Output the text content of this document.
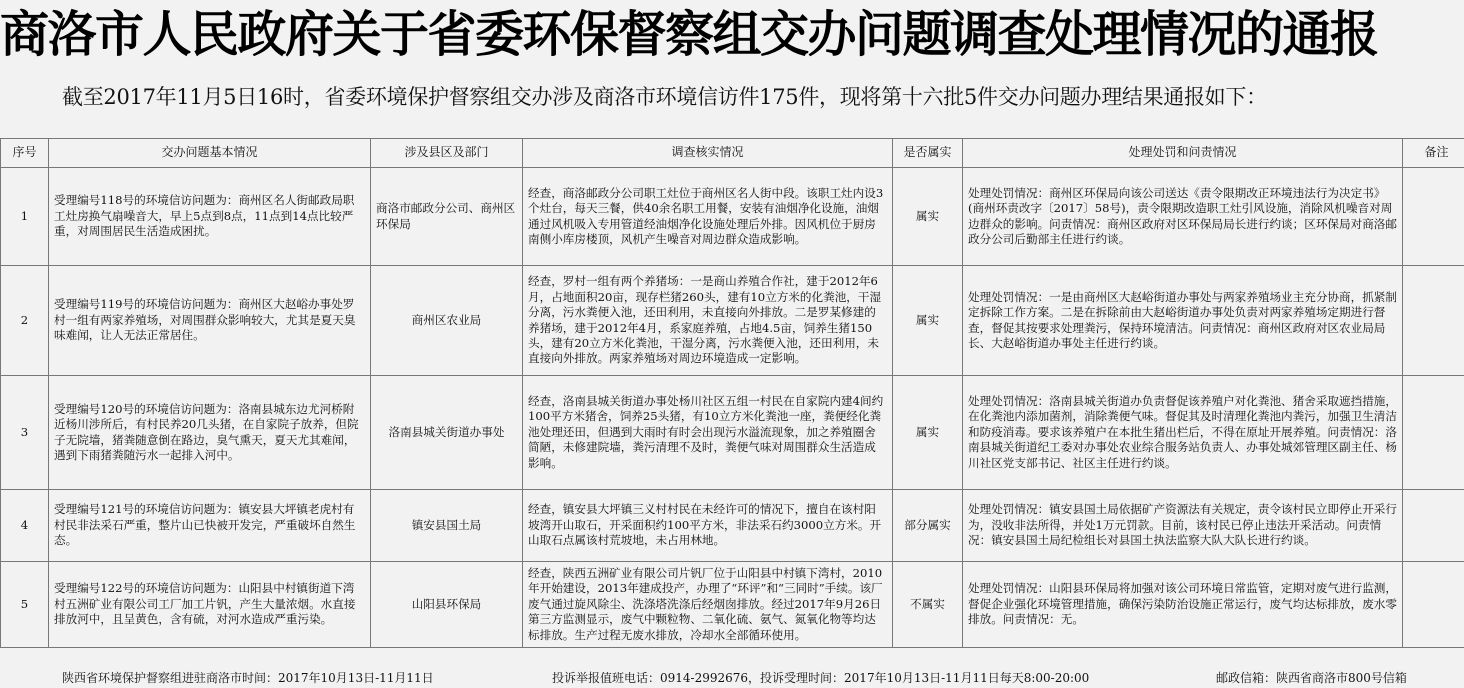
商洛市人民政府关于省委环保督察组交办问题调查处理情况的通报

截至2017年11月5日16时，省委环境保护督察组交办涉及商洛市环境信访件175件，现将第十六批5件交办问题办理结果通报如下：

序号	交办问题基本情况	涉及县区及部门	调查核实情况	是否属实	处理处罚和问责情况	备注
1	受理编号118号的环境信访问题为：商州区名人街邮政局职工灶房换气扇噪音大，早上5点到8点，11点到14点比较严重，对周围居民生活造成困扰。	商洛市邮政分公司、商州区环保局	经查，商洛邮政分公司职工灶位于商州区名人街中段。该职工灶内设3个灶台，每天三餐，供40余名职工用餐，安装有油烟净化设施，油烟通过风机吸入专用管道经油烟净化设施处理后外排。因风机位于厨房南侧小库房楼顶，风机产生噪音对周边群众造成影响。	属实	处理处罚情况：商州区环保局向该公司送达《责令限期改正环境违法行为决定书》(商州环责改字〔2017〕58号)，责令限期改造职工灶引风设施，消除风机噪音对周边群众的影响。问责情况：商州区政府对区环保局局长进行约谈；区环保局对商洛邮政分公司后勤部主任进行约谈。	
2	受理编号119号的环境信访问题为：商州区大赵峪办事处罗村一组有两家养殖场，对周围群众影响较大，尤其是夏天臭味难闻，让人无法正常居住。	商州区农业局	经查，罗村一组有两个养猪场：一是商山养殖合作社，建于2012年6月，占地面积20亩，现存栏猪260头，建有10立方米的化粪池，干湿分离，污水粪便入池，还田利用，未直接向外排放。二是罗某修建的养猪场，建于2012年4月，系家庭养殖，占地4.5亩，饲养生猪150头，建有20立方米化粪池，干湿分离，污水粪便入池，还田利用，未直接向外排放。两家养殖场对周边环境造成一定影响。	属实	处理处罚情况：一是由商州区大赵峪街道办事处与两家养殖场业主充分协商，抓紧制定拆除工作方案。二是在拆除前由大赵峪街道办事处负责对两家养殖场定期进行督查，督促其按要求处理粪污，保持环境清洁。问责情况：商州区政府对区农业局局长、大赵峪街道办事处主任进行约谈。	
3	受理编号120号的环境信访问题为：洛南县城东边尤河桥附近杨川涉所后，有村民养20几头猪，在自家院子放养，但院子无院墙，猪粪随意倒在路边，臭气熏天，夏天尤其难闻，遇到下雨猪粪随污水一起排入河中。	洛南县城关街道办事处	经查，洛南县城关街道办事处杨川社区五组一村民在自家院内建4间约100平方米猪舍，饲养25头猪，有10立方米化粪池一座，粪便经化粪池处理还田，但遇到大雨时有时会出现污水溢流现象，加之养殖圈舍简陋，未修建院墙，粪污清理不及时，粪便气味对周围群众生活造成影响。	属实	处理处罚情况：洛南县城关街道办负责督促该养殖户对化粪池、猪舍采取遮挡措施，在化粪池内添加菌剂，消除粪便气味。督促其及时清理化粪池内粪污，加强卫生清洁和防疫消毒。要求该养殖户在本批生猪出栏后，不得在原址开展养殖。问责情况：洛南县城关街道纪工委对办事处农业综合服务站负责人、办事处城郊管理区副主任、杨川社区党支部书记、社区主任进行约谈。	
4	受理编号121号的环境信访问题为：镇安县大坪镇老虎村有村民非法采石严重，整片山已快被开发完，严重破坏自然生态。	镇安县国土局	经查，镇安县大坪镇三义村村民在未经许可的情况下，擅自在该村阳坡湾开山取石，开采面积约100平方米，非法采石约3000立方米。开山取石点属该村荒坡地，未占用林地。	部分属实	处理处罚情况：镇安县国土局依据矿产资源法有关规定，责令该村民立即停止开采行为，没收非法所得，并处1万元罚款。目前，该村民已停止违法开采活动。问责情况：镇安县国土局纪检组长对县国土执法监察大队大队长进行约谈。	
5	受理编号122号的环境信访问题为：山阳县中村镇街道下湾村五洲矿业有限公司工厂加工片钒，产生大量浓烟。水直接排放河中，且呈黄色，含有硫，对河水造成严重污染。	山阳县环保局	经查，陕西五洲矿业有限公司片钒厂位于山阳县中村镇下湾村，2010年开始建设，2013年建成投产，办理了“环评”和“三同时”手续。该厂废气通过旋风除尘、洗涤塔洗涤后经烟囱排放。经过2017年9月26日第三方监测显示，废气中颗粒物、二氧化硫、氨气、氮氧化物等均达标排放。生产过程无废水排放，冷却水全部循环使用。	不属实	处理处罚情况：山阳县环保局将加强对该公司环境日常监管，定期对废气进行监测，督促企业强化环境管理措施，确保污染防治设施正常运行，废气均达标排放，废水零排放。问责情况：无。	
陕西省环境保护督察组进驻商洛市时间：2017年10月13日-11月11日	投诉举报值班电话：0914-2992676，投诉受理时间：2017年10月13日-11月11日每天8:00-20:00	邮政信箱：陕西省商洛市800号信箱
